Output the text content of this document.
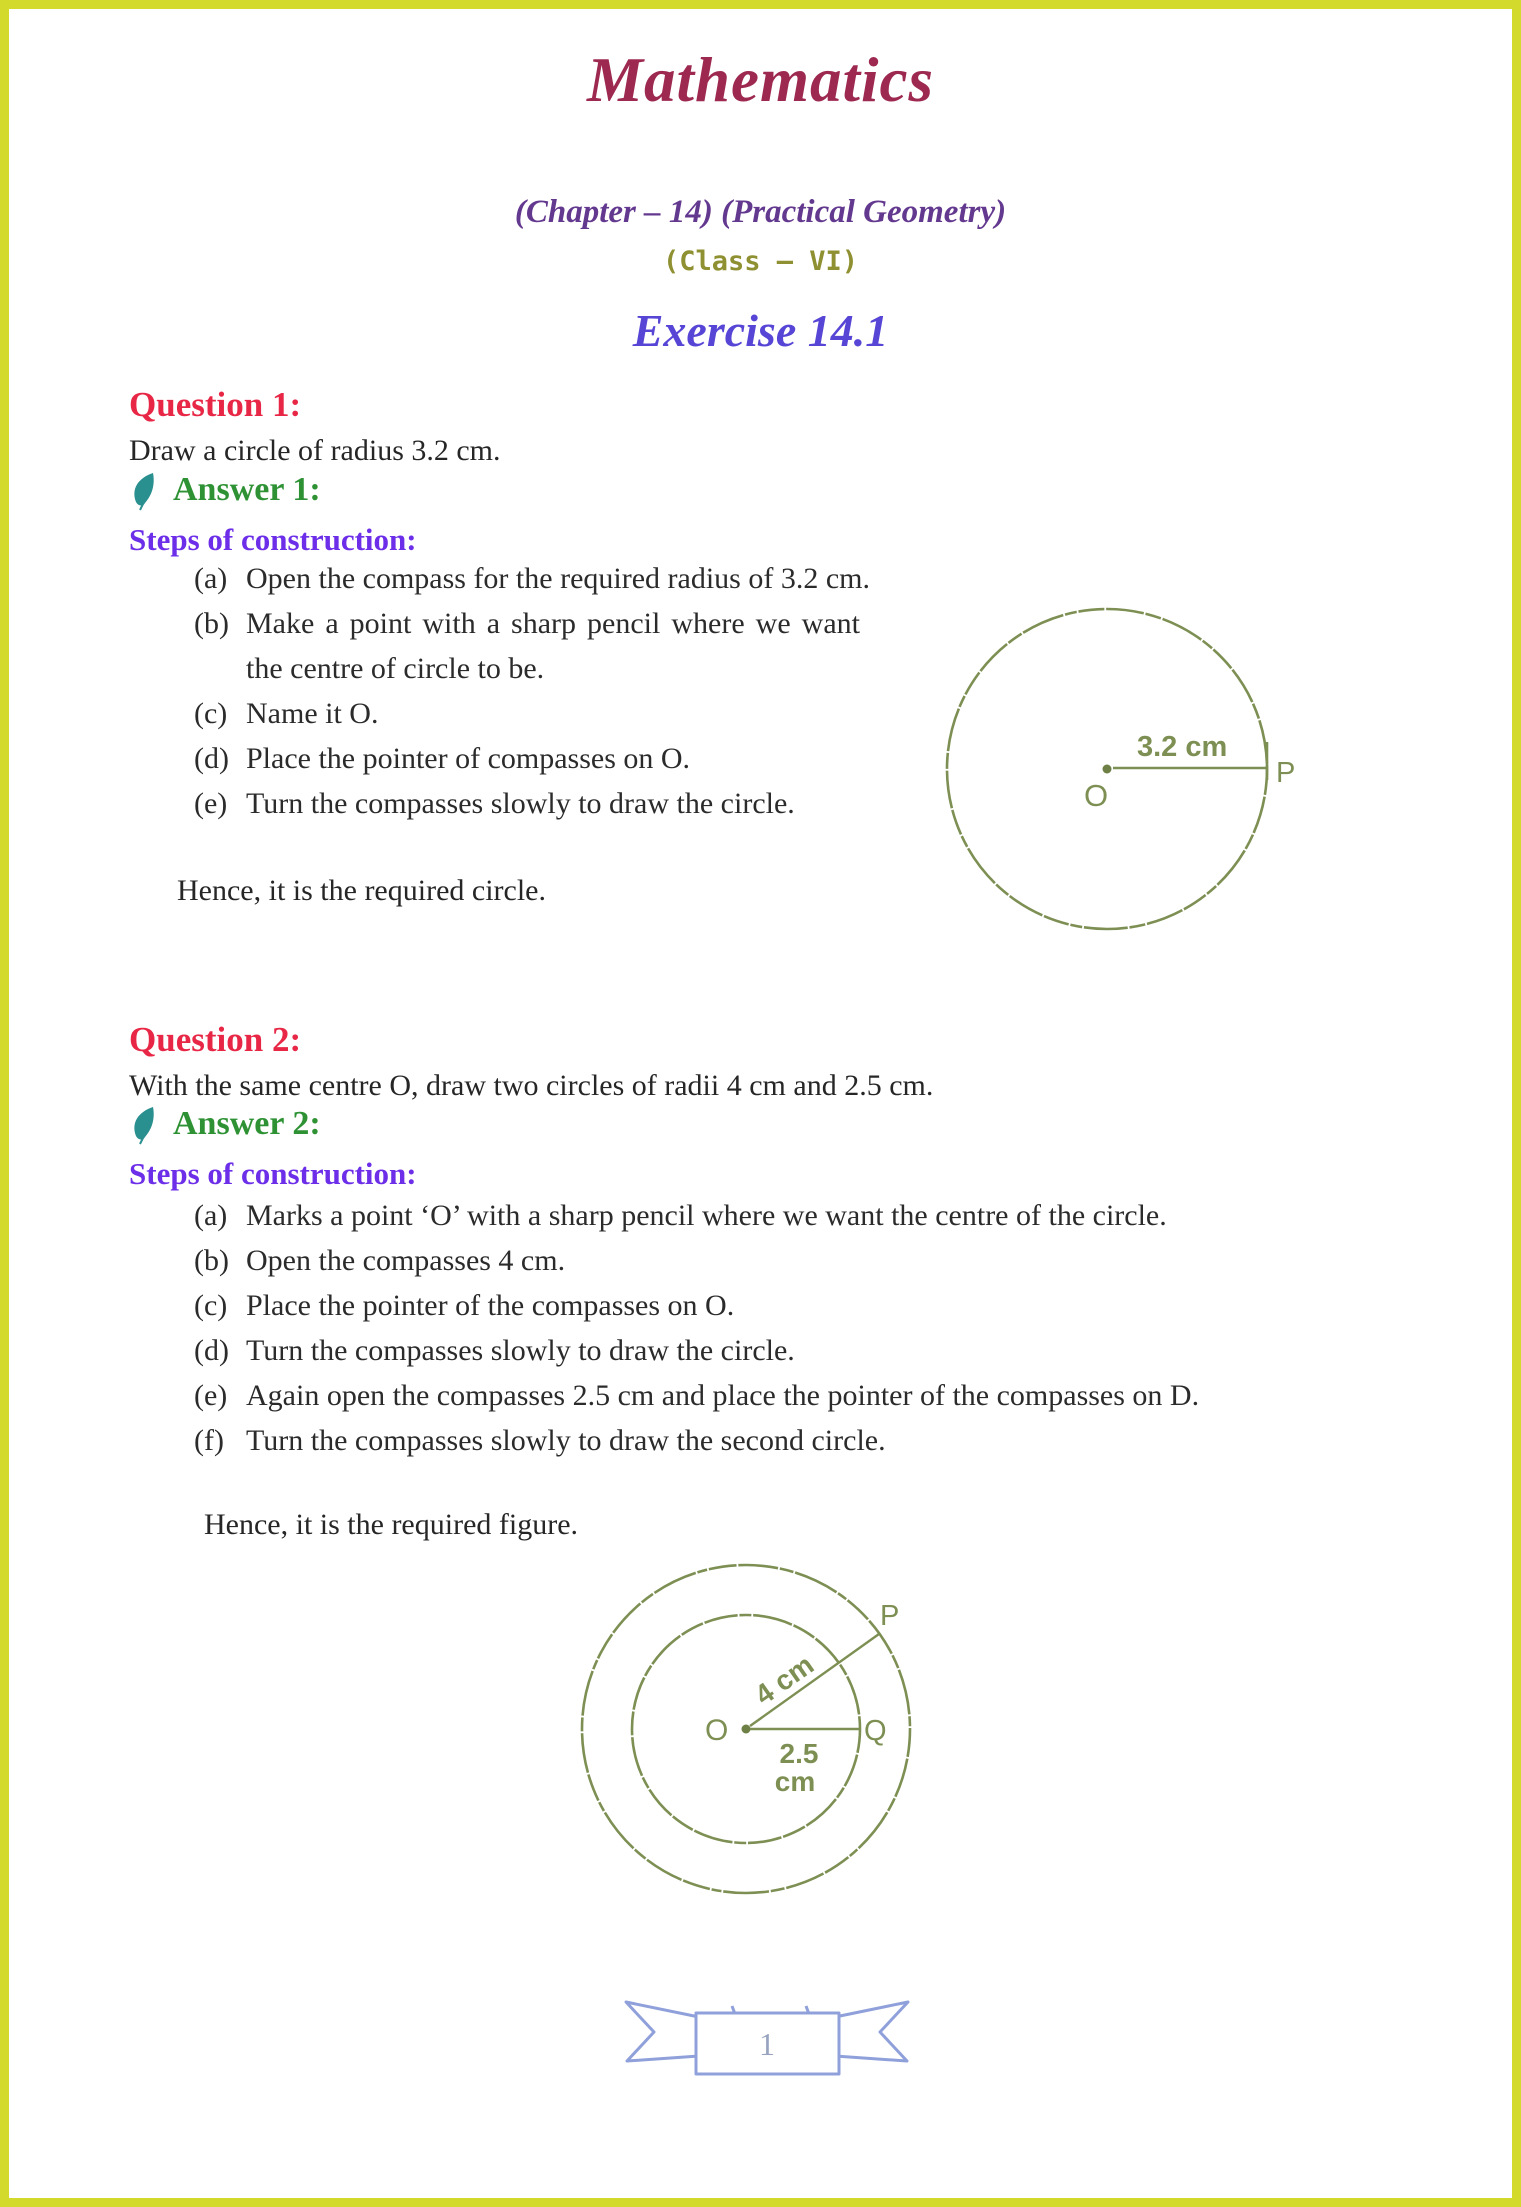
Mathematics
(Chapter – 14) (Practical Geometry)
(Class – VI)
Exercise 14.1
Question 1:
Draw a circle of radius 3.2 cm.
Answer 1:
Steps of construction:
(a) Open the compass for the required radius of 3.2 cm.
(b) Make a point with a sharp pencil where we want the centre of circle to be.
(c) Name it O.
(d) Place the pointer of compasses on O.
(e) Turn the compasses slowly to draw the circle.
Hence, it is the required circle.
3.2 cm
O
P
Question 2:
With the same centre O, draw two circles of radii 4 cm and 2.5 cm.
Answer 2:
Steps of construction:
(a) Marks a point ‘O’ with a sharp pencil where we want the centre of the circle.
(b) Open the compasses 4 cm.
(c) Place the pointer of the compasses on O.
(d) Turn the compasses slowly to draw the circle.
(e) Again open the compasses 2.5 cm and place the pointer of the compasses on D.
(f) Turn the compasses slowly to draw the second circle.
Hence, it is the required figure.
O
P
Q
4 cm
2.5
cm
1
